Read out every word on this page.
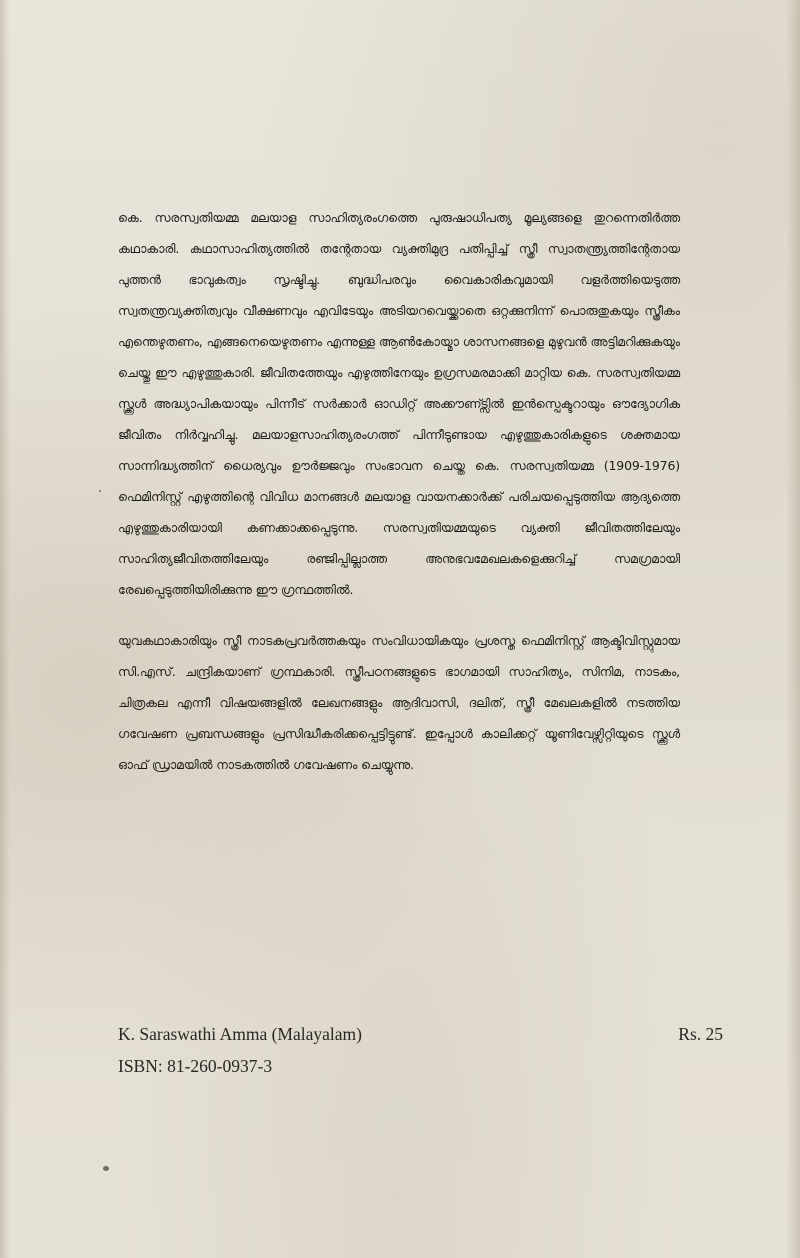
കെ. സരസ്വതിയമ്മ മലയാള സാഹിത്യരംഗത്തെ പുരുഷാധിപത്യ മൂല്യങ്ങളെ തുറന്നെതിർത്ത കഥാകാരി. കഥാസാഹിത്യത്തിൽ തന്റേതായ വ്യക്തിമുദ്ര പതിപ്പിച്ച് സ്ത്രീ സ്വാതന്ത്ര്യത്തിന്റേതായ പുത്തൻ ഭാവുകത്വം സൃഷ്ടിച്ചു. ബുദ്ധിപരവും വൈകാരികവുമായി വളർത്തിയെടുത്ത സ്വതന്ത്രവ്യക്തിത്വവും വീക്ഷണവും എവിടേയും അടിയറവെയ്ക്കാതെ ഒറ്റക്കുനിന്ന് പൊരുതുകയും സ്ത്രീകം എന്തെഴുതണം, എങ്ങനെയെഴുതണം എന്നുള്ള ആൺകോയ്മാ ശാസനങ്ങളെ മുഴുവൻ അട്ടിമറിക്കുകയും ചെയ്തു ഈ എഴുത്തുകാരി. ജീവിതത്തേയും എഴുത്തിനേയും ഉഗ്രസമരമാക്കി മാറ്റിയ കെ. സരസ്വതിയമ്മ സ്ക്കൂൾ അദ്ധ്യാപികയായും പിന്നീട് സർക്കാർ ഓഡിറ്റ് അക്കൗണ്ട്സിൽ ഇൻസ്പെക്ടറായും ഔദ്യോഗിക ജീവിതം നിർവ്വഹിച്ചു. മലയാളസാഹിത്യരംഗത്ത് പിന്നീടുണ്ടായ എഴുത്തുകാരികളുടെ ശക്തമായ സാന്നിദ്ധ്യത്തിന് ധൈര്യവും ഊർജ്ജവും സംഭാവന ചെയ്ത കെ. സരസ്വതിയമ്മ (1909-1976) ഫെമിനിസ്റ്റ് എഴുത്തിന്റെ വിവിധ മാനങ്ങൾ മലയാള വായനക്കാർക്ക് പരിചയപ്പെടുത്തിയ ആദ്യത്തെ എഴുത്തുകാരിയായി കണക്കാക്കപ്പെടുന്നു. സരസ്വതിയമ്മയുടെ വ്യക്തി ജീവിതത്തിലേയും സാഹിത്യജീവിതത്തിലേയും രഞ്ജിപ്പില്ലാത്ത അനുഭവമേഖലകളെക്കുറിച്ച് സമഗ്രമായി രേഖപ്പെടുത്തിയിരിക്കുന്നു ഈ ഗ്രന്ഥത്തിൽ.

യുവകഥാകാരിയും സ്ത്രീ നാടകപ്രവർത്തകയും സംവിധായികയും പ്രശസ്ത ഫെമിനിസ്റ്റ് ആക്ടിവിസ്റ്റുമായ സി.എസ്. ചന്ദ്രികയാണ് ഗ്രന്ഥകാരി. സ്ത്രീപഠനങ്ങളുടെ ഭാഗമായി സാഹിത്യം, സിനിമ, നാടകം, ചിത്രകല എന്നീ വിഷയങ്ങളിൽ ലേഖനങ്ങളും ആദിവാസി, ദലിത്, സ്ത്രീ മേഖലകളിൽ നടത്തിയ ഗവേഷണ പ്രബന്ധങ്ങളും പ്രസിദ്ധീകരിക്കപ്പെട്ടിട്ടുണ്ട്. ഇപ്പോൾ കാലിക്കറ്റ് യൂണിവേഴ്സിറ്റിയുടെ സ്ക്കൂൾ ഓഫ് ഡ്രാമയിൽ നാടകത്തിൽ ഗവേഷണം ചെയ്യുന്നു.

K. Saraswathi Amma (Malayalam)	Rs. 25
ISBN: 81-260-0937-3
